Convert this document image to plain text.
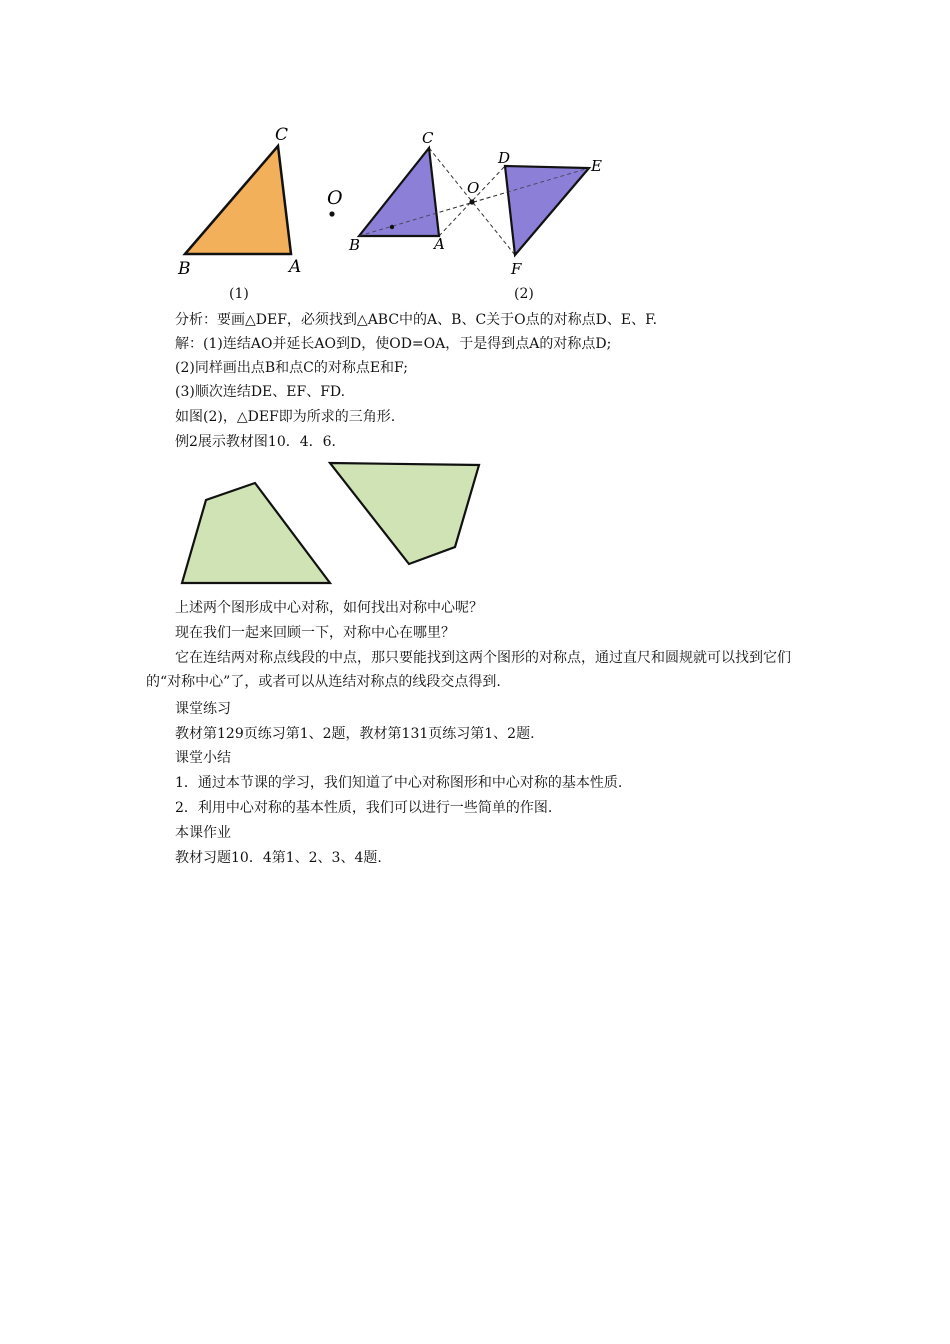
C
B	A
O
C
B	A
O
D	E
F
(1)	(2)
分析：要画△DEF，必须找到△ABC中的A、B、C关于O点的对称点D、E、F.
解：(1)连结AO并延长AO到D，使OD=OA，于是得到点A的对称点D;
(2)同样画出点B和点C的对称点E和F;
(3)顺次连结DE、EF、FD.
如图(2)，△DEF即为所求的三角形.
例2展示教材图10．4．6．
上述两个图形成中心对称，如何找出对称中心呢？
现在我们一起来回顾一下，对称中心在哪里？
它在连结两对称点线段的中点，那只要能找到这两个图形的对称点，通过直尺和圆规就可以找到它们的“对称中心”了，或者可以从连结对称点的线段交点得到.
课堂练习
教材第129页练习第1、2题，教材第131页练习第1、2题.
课堂小结
1．通过本节课的学习，我们知道了中心对称图形和中心对称的基本性质.
2．利用中心对称的基本性质，我们可以进行一些简单的作图.
本课作业
教材习题10．4第1、2、3、4题.
